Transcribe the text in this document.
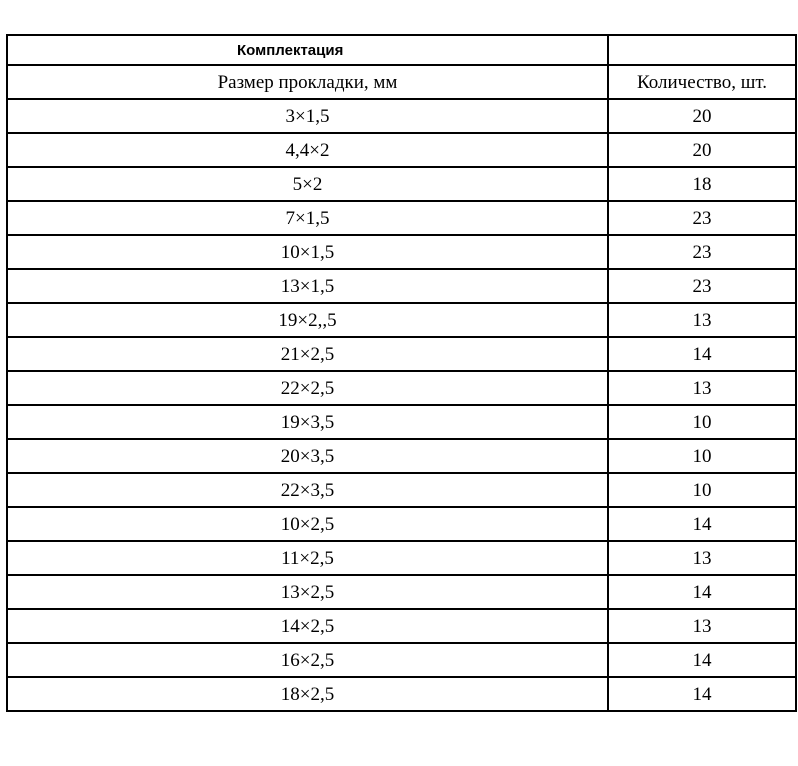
Комплектация	
Размер прокладки, мм	Количество, шт.
3×1,5	20
4,4×2	20
5×2	18
7×1,5	23
10×1,5	23
13×1,5	23
19×2,,5	13
21×2,5	14
22×2,5	13
19×3,5	10
20×3,5	10
22×3,5	10
10×2,5	14
11×2,5	13
13×2,5	14
14×2,5	13
16×2,5	14
18×2,5	14
